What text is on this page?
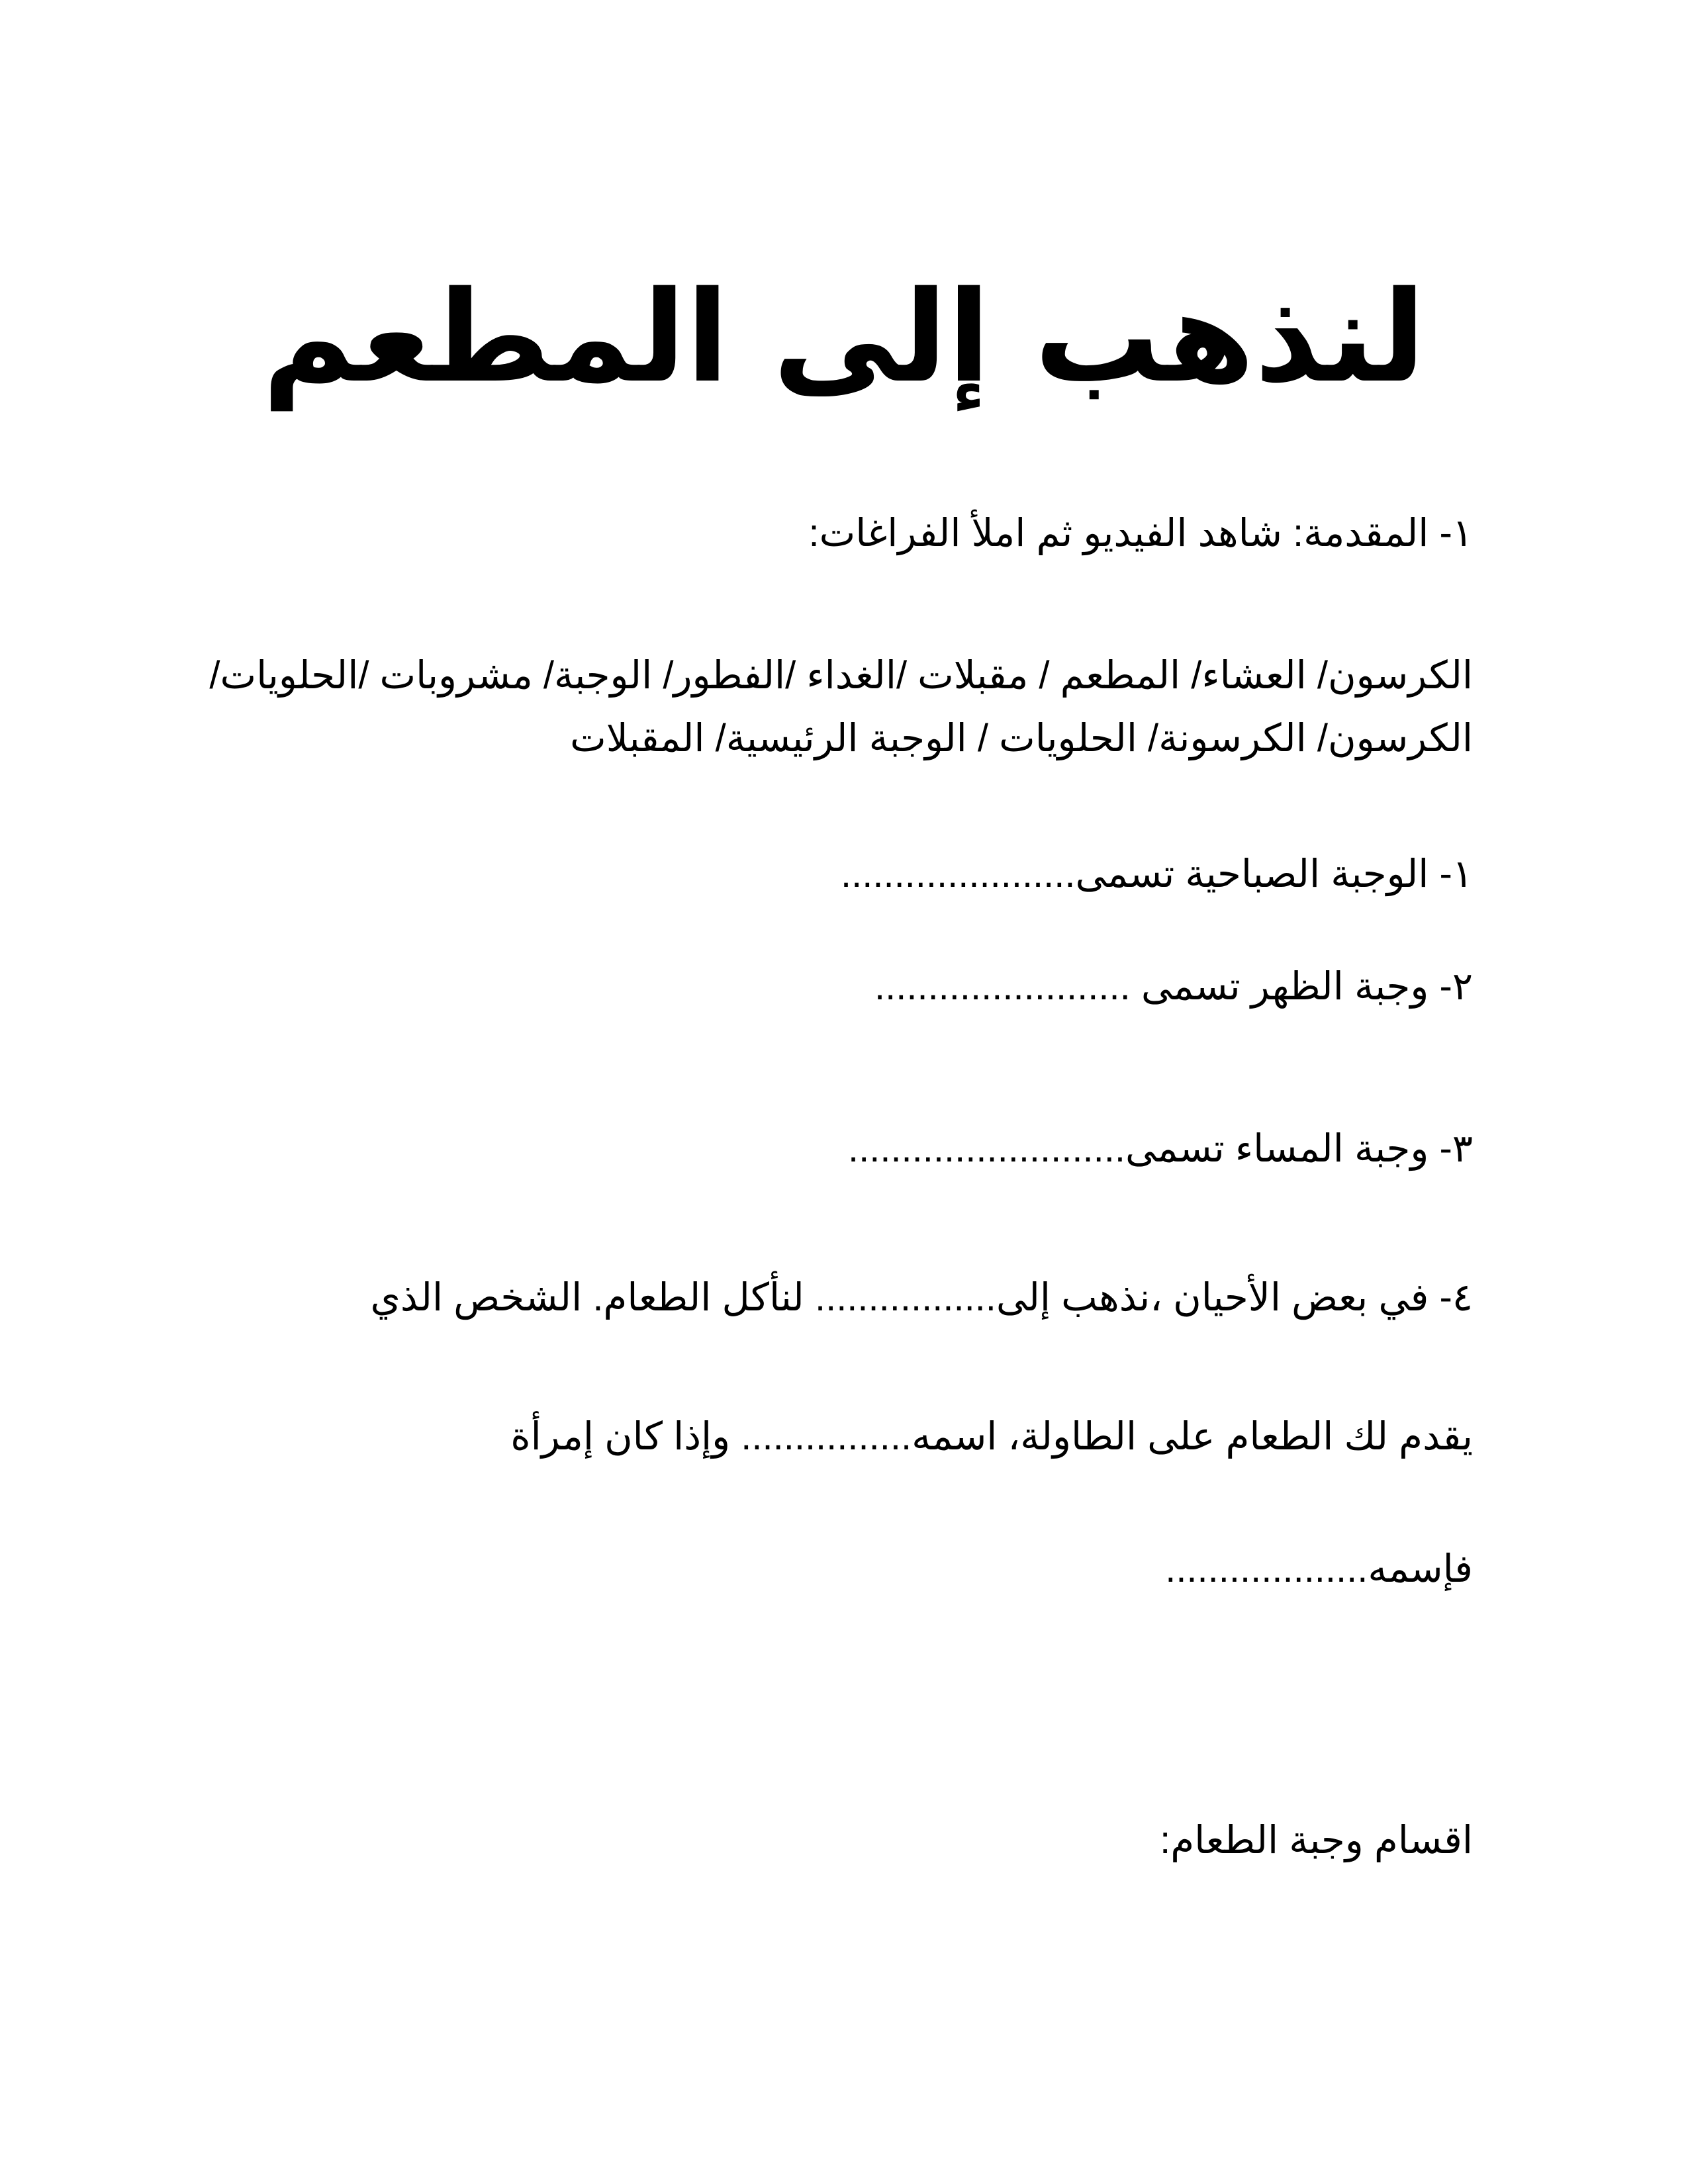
لنذهب إلى المطعم
١- المقدمة: شاهد الفيديو ثم املأ الفراغات:
الكرسون/ العشاء/ المطعم / مقبلات /الغداء /الفطور/ الوجبة/ مشروبات /الحلويات/
الكرسون/ الكرسونة/ الحلويات / الوجبة الرئيسية/ المقبلات
١- الوجبة الصباحية تسمى......................
٢- وجبة الظهر تسمى ........................
٣- وجبة المساء تسمى..........................
٤- في بعض الأحيان ،نذهب إلى................. لنأكل الطعام. الشخص الذي
يقدم لك الطعام على الطاولة، اسمه................ وإذا كان إمرأة
فإسمه...................
اقسام وجبة الطعام:
